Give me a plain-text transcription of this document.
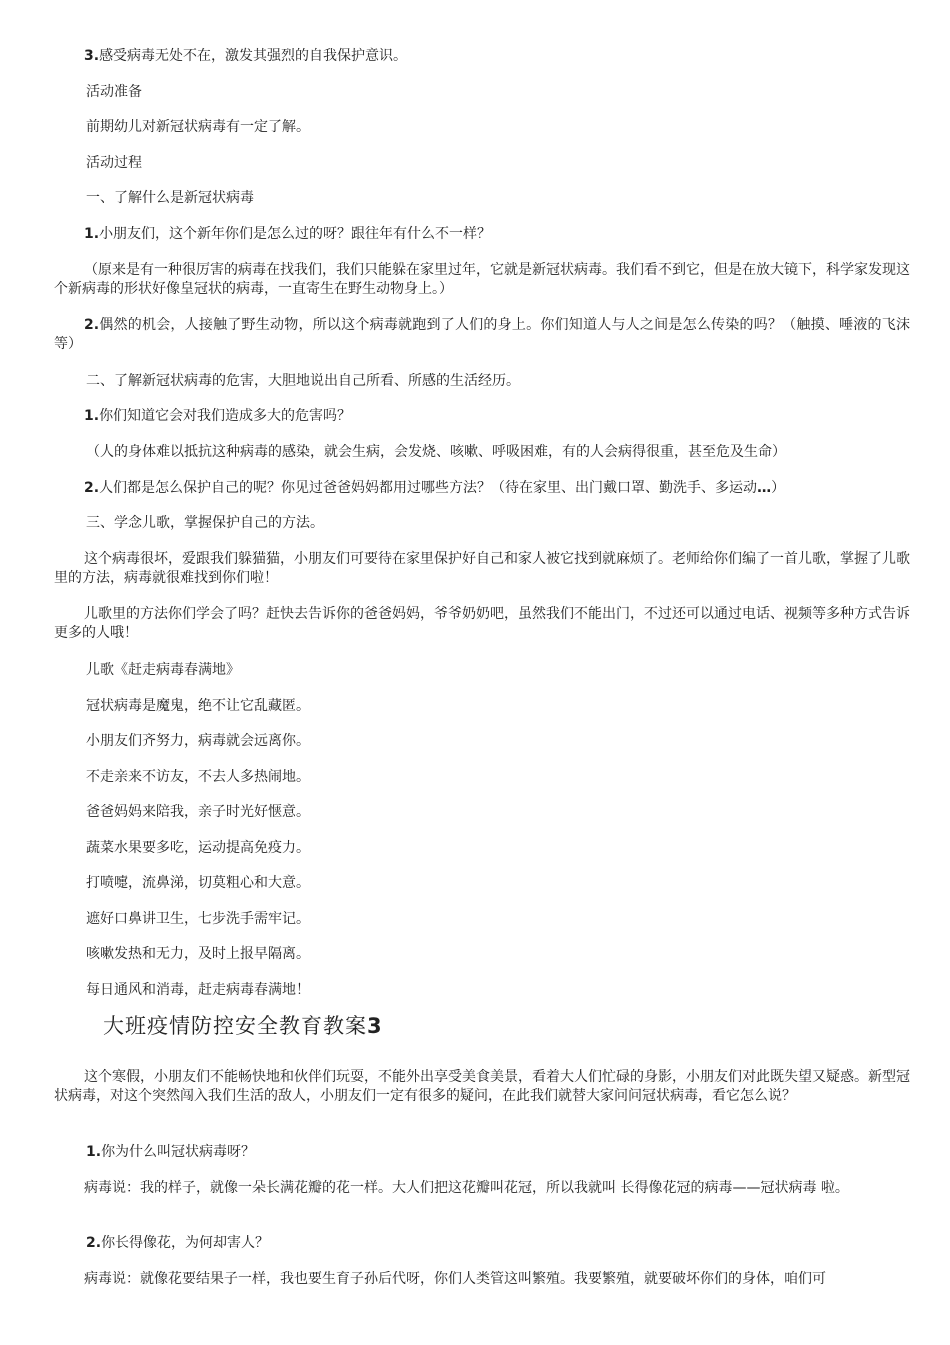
3.感受病毒无处不在，激发其强烈的自我保护意识。
活动准备
前期幼儿对新冠状病毒有一定了解。
活动过程
一、了解什么是新冠状病毒
1.小朋友们，这个新年你们是怎么过的呀？跟往年有什么不一样？
（原来是有一种很厉害的病毒在找我们，我们只能躲在家里过年，它就是新冠状病毒。我们看不到它，但是在放大镜下，科学家发现这个新病毒的形状好像皇冠状的病毒，一直寄生在野生动物身上。）
2.偶然的机会，人接触了野生动物，所以这个病毒就跑到了人们的身上。你们知道人与人之间是怎么传染的吗？（触摸、唾液的飞沫等）
二、了解新冠状病毒的危害，大胆地说出自己所看、所感的生活经历。
1.你们知道它会对我们造成多大的危害吗？
（人的身体难以抵抗这种病毒的感染，就会生病，会发烧、咳嗽、呼吸困难，有的人会病得很重，甚至危及生命）
2.人们都是怎么保护自己的呢？你见过爸爸妈妈都用过哪些方法？（待在家里、出门戴口罩、勤洗手、多运动…）
三、学念儿歌，掌握保护自己的方法。
这个病毒很坏，爱跟我们躲猫猫，小朋友们可要待在家里保护好自己和家人被它找到就麻烦了。老师给你们编了一首儿歌，掌握了儿歌里的方法，病毒就很难找到你们啦！
儿歌里的方法你们学会了吗？赶快去告诉你的爸爸妈妈，爷爷奶奶吧，虽然我们不能出门，不过还可以通过电话、视频等多种方式告诉更多的人哦！
儿歌《赶走病毒春满地》
冠状病毒是魔鬼，绝不让它乱藏匿。
小朋友们齐努力，病毒就会远离你。
不走亲来不访友，不去人多热闹地。
爸爸妈妈来陪我，亲子时光好惬意。
蔬菜水果要多吃，运动提高免疫力。
打喷嚏，流鼻涕，切莫粗心和大意。
遮好口鼻讲卫生，七步洗手需牢记。
咳嗽发热和无力，及时上报早隔离。
每日通风和消毒，赶走病毒春满地！
大班疫情防控安全教育教案3
这个寒假，小朋友们不能畅快地和伙伴们玩耍，不能外出享受美食美景，看着大人们忙碌的身影，小朋友们对此既失望又疑惑。新型冠状病毒，对这个突然闯入我们生活的敌人，小朋友们一定有很多的疑问，在此我们就替大家问问冠状病毒，看它怎么说？
1.你为什么叫冠状病毒呀？
病毒说：我的样子，就像一朵长满花瓣的花一样。大人们把这花瓣叫花冠，所以我就叫 长得像花冠的病毒——冠状病毒 啦。
2.你长得像花，为何却害人？
病毒说：就像花要结果子一样，我也要生育子孙后代呀，你们人类管这叫繁殖。我要繁殖，就要破坏你们的身体，咱们可
